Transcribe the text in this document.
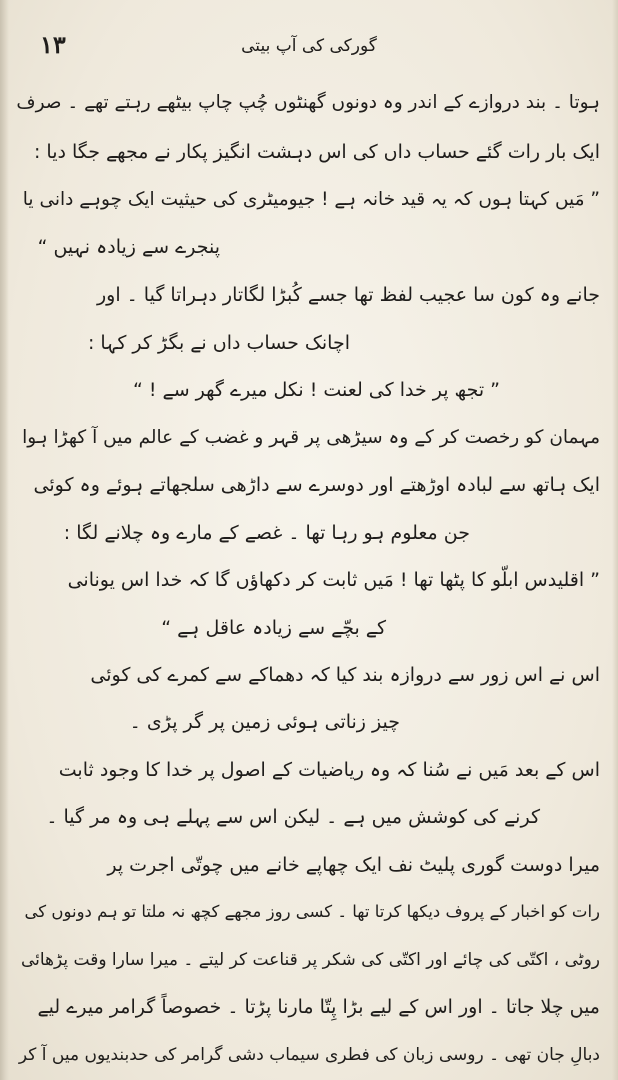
۱۳	گورکی کی آپ بیتی
ہوتا ۔ بند دروازے کے اندر وہ دونوں گھنٹوں چُپ چاپ بیٹھے رہتے تھے ۔ صرف
ایک بار رات گئے حساب داں کی اس دہشت انگیز پکار نے مجھے جگا دیا :
” مَیں کہتا ہوں کہ یہ قید خانہ ہے ! جیومیٹری کی حیثیت ایک چوہے دانی یا
پنجرے سے زیادہ نہیں “
جانے وہ کون سا عجیب لفظ تھا جسے کُبڑا لگاتار دہراتا گیا ۔ اور
اچانک حساب داں نے بگڑ کر کہا :
” تجھ پر خدا کی لعنت ! نکل میرے گھر سے ! “
مہمان کو رخصت کر کے وہ سیڑھی پر قہر و غضب کے عالم میں آ کھڑا ہوا
ایک ہاتھ سے لبادہ اوڑھتے اور دوسرے سے داڑھی سلجھاتے ہوئے وہ کوئی
جن معلوم ہو رہا تھا ۔ غصے کے مارے وہ چلانے لگا :
” اقلیدس ابلّو کا پٹھا تھا ! مَیں ثابت کر دکھاؤں گا کہ خدا اس یونانی
کے بچّے سے زیادہ عاقل ہے “
اس نے اس زور سے دروازہ بند کیا کہ دھماکے سے کمرے کی کوئی
چیز زناتی ہوئی زمین پر گر پڑی ۔
اس کے بعد مَیں نے سُنا کہ وہ ریاضیات کے اصول پر خدا کا وجود ثابت
کرنے کی کوشش میں ہے ۔ لیکن اس سے پہلے ہی وہ مر گیا ۔
میرا دوست گوری پلیٹ نف ایک چھاپے خانے میں چوتّی اجرت پر
رات کو اخبار کے پروف دیکھا کرتا تھا ۔ کسی روز مجھے کچھ نہ ملتا تو ہم دونوں کی
روٹی ، اکتّی کی چائے اور اکتّی کی شکر پر قناعت کر لیتے ۔ میرا سارا وقت پڑھائی
میں چلا جاتا ۔ اور اس کے لیے بڑا پِتّا مارنا پڑتا ۔ خصوصاً گرامر میرے لیے
دبالِ جان تھی ۔ روسی زبان کی فطری سیماب دشی گرامر کی حدبندیوں میں آ کر
